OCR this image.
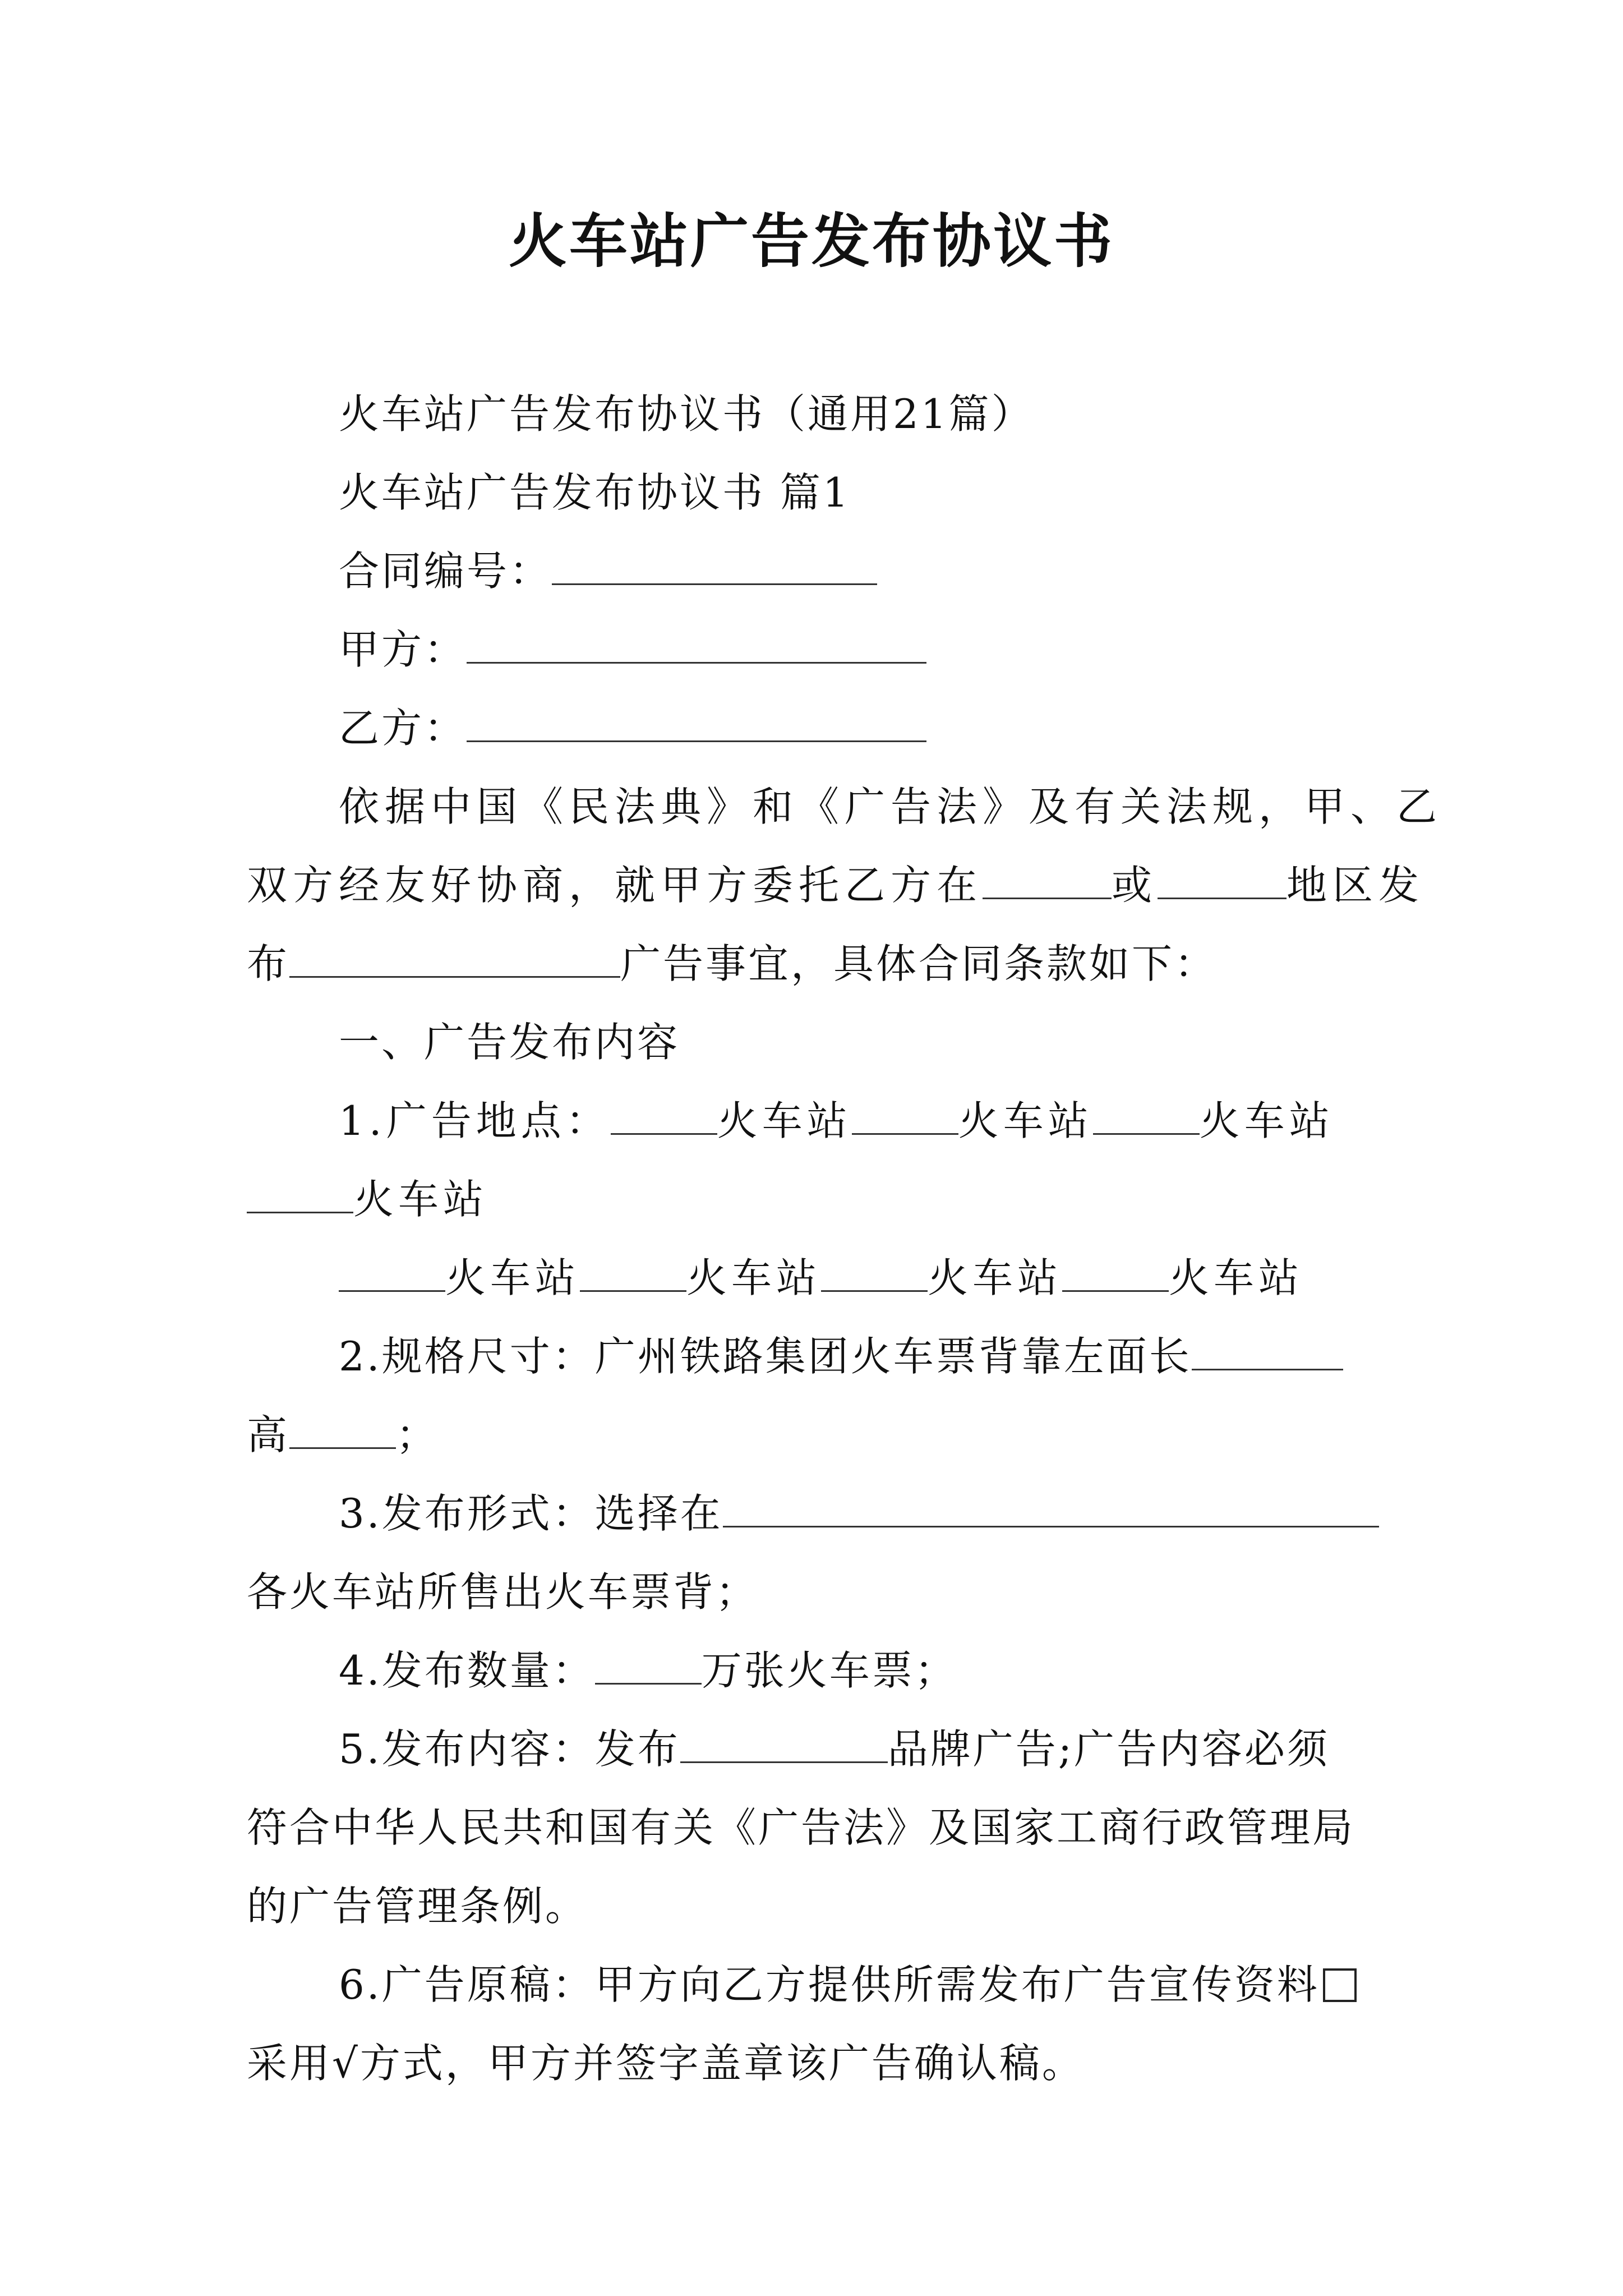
火车站广告发布协议书
火车站广告发布协议书（通用21篇）
火车站广告发布协议书 篇1
合同编号：
甲方：
乙方：
依据中国《民法典》和《广告法》及有关法规，甲、乙
双方经友好协商，就甲方委托乙方在	或	地区发
布	广告事宜，具体合同条款如下：
一、广告发布内容
1.广告地点：	火车站	火车站	火车站
火车站
火车站	火车站	火车站	火车站
2.规格尺寸：广州铁路集团火车票背靠左面长
高	；
3.发布形式：选择在
各火车站所售出火车票背；
4.发布数量：	万张火车票；
5.发布内容：发布	品牌广告;广告内容必须
符合中华人民共和国有关《广告法》及国家工商行政管理局
的广告管理条例。
6.广告原稿：甲方向乙方提供所需发布广告宣传资料
采用√方式，甲方并签字盖章该广告确认稿。
